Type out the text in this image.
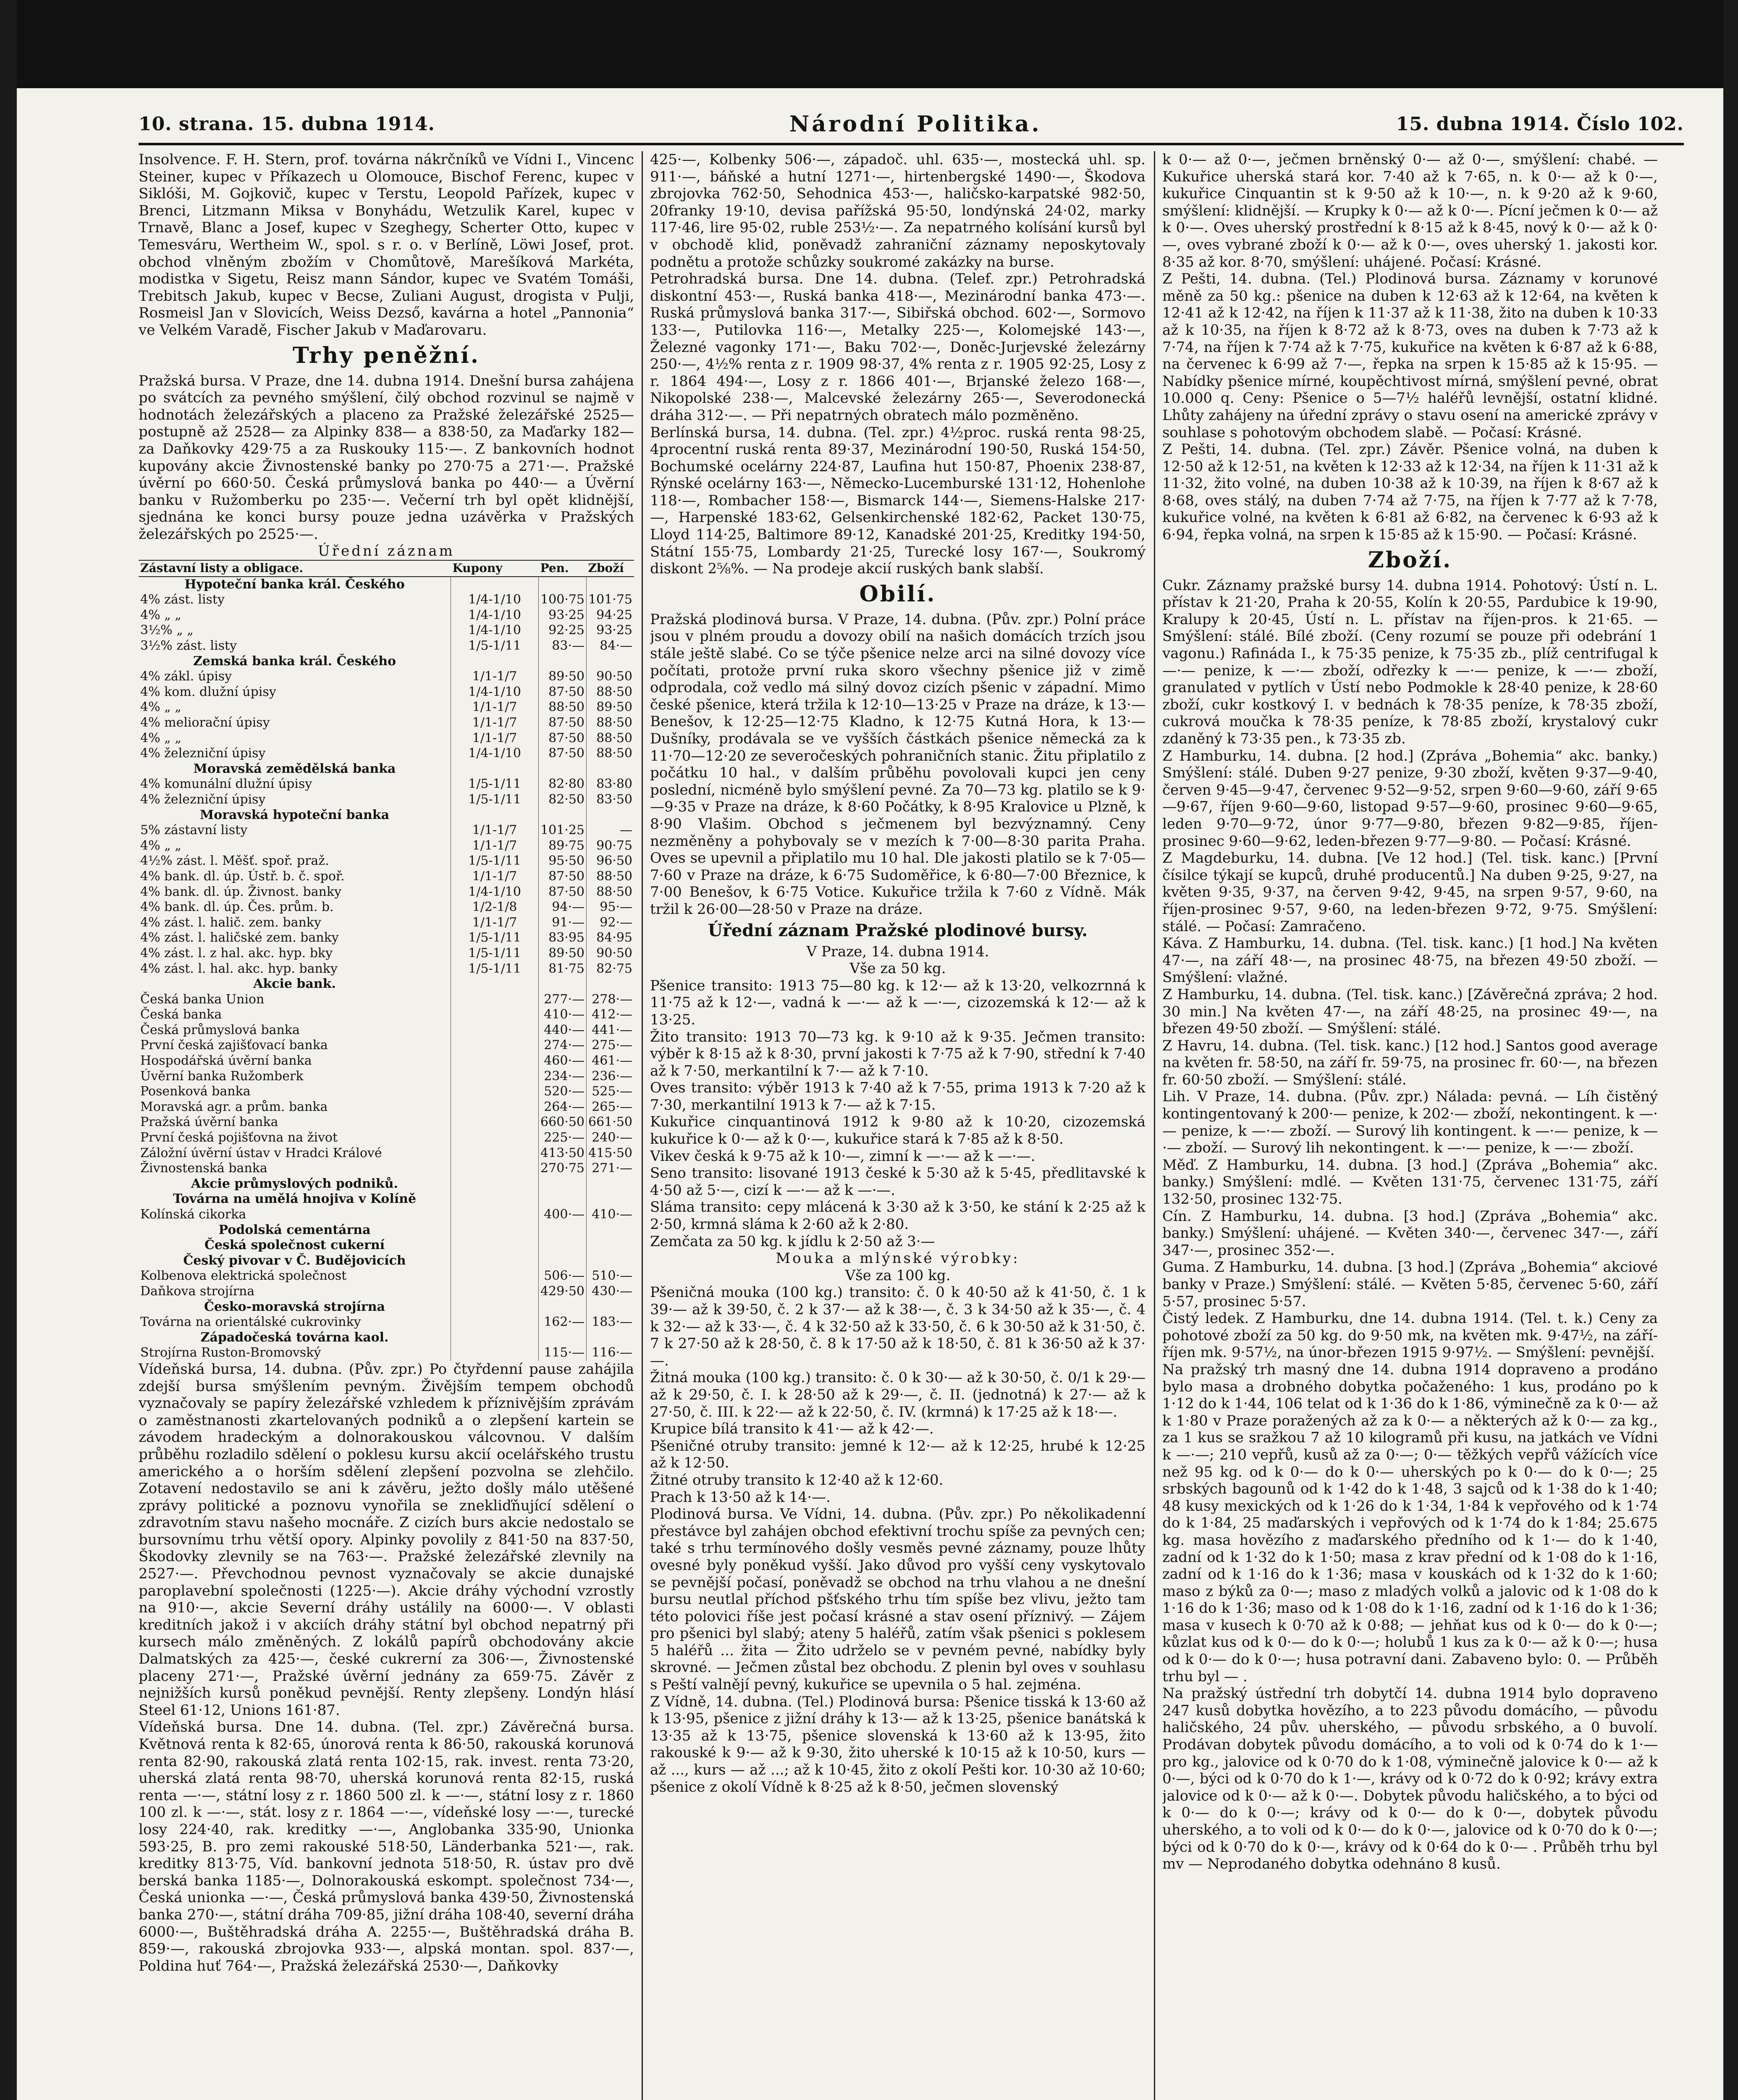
10. strana. 15. dubna 1914.	Národní Politika.	15. dubna 1914. Číslo 102.

Insolvence. F. H. Stern, prof. továrna nákrčníků ve Vídni I., Vincenc Steiner, kupec v Příkazech u Olomouce, Bischof Ferenc, kupec v Siklóši, M. Gojkovič, kupec v Terstu, Leopold Pařízek, kupec v Brenci, Litzmann Miksa v Bonyhádu, Wetzulik Karel, kupec v Trnavě, Blanc a Josef, kupec v Szeghegy, Scherter Otto, kupec v Temesváru, Wertheim W., spol. s r. o. v Berlíně, Löwi Josef, prot. obchod vlněným zbožím v Chomůtově, Marešíková Markéta, modistka v Sigetu, Reisz mann Sándor, kupec ve Svatém Tomáši, Trebitsch Jakub, kupec v Becse, Zuliani August, drogista v Pulji, Rosmeisl Jan v Slovicích, Weiss Dezső, kavárna a hotel „Pannonia“ ve Velkém Varadě, Fischer Jakub v Maďarovaru.

Trhy peněžní.

Pražská bursa. V Praze, dne 14. dubna 1914. Dnešní bursa zahájena po svátcích za pevného smýšlení, čilý obchod rozvinul se najmě v hodnotách železářských a placeno za Pražské železářské 2525— postupně až 2528— za Alpinky 838— a 838·50, za Maďarky 182— za Daňkovky 429·75 a za Ruskouky 115·—. Z bankovních hodnot kupovány akcie Živnostenské banky po 270·75 a 271·—. Pražské úvěrní po 660·50. Česká průmyslová banka po 440·— a Úvěrní banku v Ružomberku po 235·—. Večerní trh byl opět klidnější, sjednána ke konci bursy pouze jedna uzávěrka v Pražských železářských po 2525·—.

Úřední záznam
Zástavní listy a obligace.	Kupony	Pen.	Zboží
Hypoteční banka král. Českého			
4% zást. listy	1/4-1/10	100·75	101·75
4% „ „	1/4-1/10	93·25	94·25
3½% „ „	1/4-1/10	92·25	93·25
3½% zást. listy	1/5-1/11	83·—	84·—
Zemská banka král. Českého			
4% zákl. úpisy	1/1-1/7	89·50	90·50
4% kom. dlužní úpisy	1/4-1/10	87·50	88·50
4% „ „	1/1-1/7	88·50	89·50
4% meliorační úpisy	1/1-1/7	87·50	88·50
4% „ „	1/1-1/7	87·50	88·50
4% železniční úpisy	1/4-1/10	87·50	88·50
Moravská zemědělská banka			
4% komunální dlužní úpisy	1/5-1/11	82·80	83·80
4% železniční úpisy	1/5-1/11	82·50	83·50
Moravská hypoteční banka			
5% zástavní listy	1/1-1/7	101·25	—
4% „ „	1/1-1/7	89·75	90·75
4½% zást. l. Měšť. spoř. praž.	1/5-1/11	95·50	96·50
4% bank. dl. úp. Ústř. b. č. spoř.	1/1-1/7	87·50	88·50
4% bank. dl. úp. Živnost. banky	1/4-1/10	87·50	88·50
4% bank. dl. úp. Čes. prům. b.	1/2-1/8	94·—	95·—
4% zást. l. halič. zem. banky	1/1-1/7	91·—	92·—
4% zást. l. haličské zem. banky	1/5-1/11	83·95	84·95
4% zást. l. z hal. akc. hyp. bky	1/5-1/11	89·50	90·50
4% zást. l. hal. akc. hyp. banky	1/5-1/11	81·75	82·75
Akcie bank.			
Česká banka Union		277·—	278·—
Česká banka		410·—	412·—
Česká průmyslová banka		440·—	441·—
První česká zajišťovací banka		274·—	275·—
Hospodářská úvěrní banka		460·—	461·—
Úvěrní banka Ružomberk		234·—	236·—
Posenková banka		520·—	525·—
Moravská agr. a prům. banka		264·—	265·—
Pražská úvěrní banka		660·50	661·50
První česká pojišťovna na život		225·—	240·—
Záložní úvěrní ústav v Hradci Králové		413·50	415·50
Živnostenská banka		270·75	271·—
Akcie průmyslových podniků.			
Továrna na umělá hnojiva v Kolíně			
Kolínská cikorka		400·—	410·—
Podolská cementárna			
Česká společnost cukerní			
Český pivovar v Č. Budějovicích			
Kolbenova elektrická společnost		506·—	510·—
Daňkova strojírna		429·50	430·—
Česko-moravská strojírna			
Továrna na orientálské cukrovinky		162·—	183·—
Západočeská továrna kaol.			
Strojírna Ruston-Bromovský		115·—	116·—

Vídeňská bursa, 14. dubna. (Pův. zpr.) Po čtyřdenní pause zahájila zdejší bursa smýšlením pevným. Živějším tempem obchodů vyznačovaly se papíry železářské vzhledem k příznivějším zprávám o zaměstnanosti zkartelovaných podniků a o zlepšení kartein se závodem hradeckým a dolnorakouskou válcovnou. V dalším průběhu rozladilo sdělení o poklesu kursu akcií ocelářského trustu amerického a o horším sdělení zlepšení pozvolna se zlehčilo. Zotavení nedostavilo se ani k závěru, ježto došly málo utěšené zprávy politické a poznovu vynořila se znekliďňující sdělení o zdravotním stavu našeho mocnáře. Z cizích burs akcie nedostalo se bursovnímu trhu větší opory. Alpinky povolily z 841·50 na 837·50, Škodovky zlevnily se na 763·—. Pražské železářské zlevnily na 2527·—. Převchodnou pevnost vyznačovaly se akcie dunajské paroplavební společnosti (1225·—). Akcie dráhy východní vzrostly na 910·—, akcie Severní dráhy ustálily na 6000·—. V oblasti kreditních jakož i v akciích dráhy státní byl obchod nepatrný při kursech málo změněných. Z lokálů papírů obchodovány akcie Dalmatských za 425·—, české cukrerní za 306·—, Živnostenské placeny 271·—, Pražské úvěrní jednány za 659·75. Závěr z nejnižších kursů poněkud pevnější. Renty zlepšeny. Londýn hlásí Steel 61·12, Unions 161·87.

Vídeňská bursa. Dne 14. dubna. (Tel. zpr.) Závěrečná bursa. Květnová renta k 82·65, únorová renta k 86·50, rakouská korunová renta 82·90, rakouská zlatá renta 102·15, rak. invest. renta 73·20, uherská zlatá renta 98·70, uherská korunová renta 82·15, ruská renta —·—, státní losy z r. 1860 500 zl. k —·—, státní losy z r. 1860 100 zl. k —·—, stát. losy z r. 1864 —·—, vídeňské losy —·—, turecké losy 224·40, rak. kreditky —·—, Anglobanka 335·90, Unionka 593·25, B. pro zemi rakouské 518·50, Länderbanka 521·—, rak. kreditky 813·75, Víd. bankovní jednota 518·50, R. ústav pro dvě berská banka 1185·—, Dolnorakouská eskompt. společnost 734·—, Česká unionka —·—, Česká průmyslová banka 439·50, Živnostenská banka 270·—, státní dráha 709·85, jižní dráha 108·40, severní dráha 6000·—, Buštěhradská dráha A. 2255·—, Buštěhradská dráha B. 859·—, rakouská zbrojovka 933·—, alpská montan. spol. 837·—, Poldina huť 764·—, Pražská železářská 2530·—, Daňkovky

425·—, Kolbenky 506·—, západoč. uhl. 635·—, mostecká uhl. sp. 911·—, báňské a hutní 1271·—, hirtenbergské 1490·—, Škodova zbrojovka 762·50, Sehodnica 453·—, haličsko-karpatské 982·50, 20franky 19·10, devisa pařížská 95·50, londýnská 24·02, marky 117·46, lire 95·02, ruble 253½·—. Za nepatrného kolísání kursů byl v obchodě klid, poněvadž zahraniční záznamy neposkytovaly podnětu a protože schůzky soukromé zakázky na burse.

Petrohradská bursa. Dne 14. dubna. (Telef. zpr.) Petrohradská diskontní 453·—, Ruská banka 418·—, Mezinárodní banka 473·—. Ruská průmyslová banka 317·—, Sibiřská obchod. 602·—, Sormovo 133·—, Putilovka 116·—, Metalky 225·—, Kolomejské 143·—, Železné vagonky 171·—, Baku 702·—, Doněc-Jurjevské železárny 250·—, 4½% renta z r. 1909 98·37, 4% renta z r. 1905 92·25, Losy z r. 1864 494·—, Losy z r. 1866 401·—, Brjanské železo 168·—, Nikopolské 238·—, Malcevské železárny 265·—, Severodonecká dráha 312·—. — Při nepatrných obratech málo pozměněno.

Berlínská bursa, 14. dubna. (Tel. zpr.) 4½proc. ruská renta 98·25, 4procentní ruská renta 89·37, Mezinárodní 190·50, Ruská 154·50, Bochumské ocelárny 224·87, Laufina hut 150·87, Phoenix 238·87, Rýnské ocelárny 163·—, Německo-Lucemburské 131·12, Hohenlohe 118·—, Rombacher 158·—, Bismarck 144·—, Siemens-Halske 217·—, Harpenské 183·62, Gelsenkirchenské 182·62, Packet 130·75, Lloyd 114·25, Baltimore 89·12, Kanadské 201·25, Kreditky 194·50, Státní 155·75, Lombardy 21·25, Turecké losy 167·—, Soukromý diskont 2⅝%. — Na prodeje akcií ruských bank slabší.

Obilí.

Pražská plodinová bursa. V Praze, 14. dubna. (Pův. zpr.) Polní práce jsou v plném proudu a dovozy obilí na našich domácích trzích jsou stále ještě slabé. Co se týče pšenice nelze arci na silné dovozy více počítati, protože první ruka skoro všechny pšenice již v zimě odprodala, což vedlo má silný dovoz cizích pšenic v západní. Mimo české pšenice, která tržila k 12·10—13·25 v Praze na dráze, k 13·— Benešov, k 12·25—12·75 Kladno, k 12·75 Kutná Hora, k 13·— Dušníky, prodávala se ve vyšších částkách pšenice německá za k 11·70—12·20 ze severočeských pohraničních stanic. Žitu připlatilo z počátku 10 hal., v dalším průběhu povolovali kupci jen ceny poslední, nicméně bylo smýšlení pevné. Za 70—73 kg. platilo se k 9·—9·35 v Praze na dráze, k 8·60 Počátky, k 8·95 Kralovice u Plzně, k 8·90 Vlašim. Obchod s ječmenem byl bezvýznamný. Ceny nezměněny a pohybovaly se v mezích k 7·00—8·30 parita Praha. Oves se upevnil a připlatilo mu 10 hal. Dle jakosti platilo se k 7·05—7·60 v Praze na dráze, k 6·75 Sudoměřice, k 6·80—7·00 Březnice, k 7·00 Benešov, k 6·75 Votice. Kukuřice tržila k 7·60 z Vídně. Mák tržil k 26·00—28·50 v Praze na dráze.

Úřední záznam Pražské plodinové bursy.
V Praze, 14. dubna 1914.
Vše za 50 kg.

Pšenice transito: 1913 75—80 kg. k 12·— až k 13·20, velkozrnná k 11·75 až k 12·—, vadná k —·— až k —·—, cizozemská k 12·— až k 13·25.

Žito transito: 1913 70—73 kg. k 9·10 až k 9·35. Ječmen transito: výběr k 8·15 až k 8·30, první jakosti k 7·75 až k 7·90, střední k 7·40 až k 7·50, merkantilní k 7·— až k 7·10.

Oves transito: výběr 1913 k 7·40 až k 7·55, prima 1913 k 7·20 až k 7·30, merkantilní 1913 k 7·— až k 7·15.

Kukuřice cinquantinová 1912 k 9·80 až k 10·20, cizozemská kukuřice k 0·— až k 0·—, kukuřice stará k 7·85 až k 8·50.

Vikev česká k 9·75 až k 10·—, zimní k —·— až k —·—.

Seno transito: lisované 1913 české k 5·30 až k 5·45, předlitavské k 4·50 až 5·—, cizí k —·— až k —·—.

Sláma transito: cepy mlácená k 3·30 až k 3·50, ke stání k 2·25 až k 2·50, krmná sláma k 2·60 až k 2·80.

Zemčata za 50 kg. k jídlu k 2·50 až 3·—

Mouka a mlýnské výrobky:
Vše za 100 kg.

Pšeničná mouka (100 kg.) transito: č. 0 k 40·50 až k 41·50, č. 1 k 39·— až k 39·50, č. 2 k 37·— až k 38·—, č. 3 k 34·50 až k 35·—, č. 4 k 32·— až k 33·—, č. 4 k 32·50 až k 33·50, č. 6 k 30·50 až k 31·50, č. 7 k 27·50 až k 28·50, č. 8 k 17·50 až k 18·50, č. 81 k 36·50 až k 37·—.

Žitná mouka (100 kg.) transito: č. 0 k 30·— až k 30·50, č. 0/1 k 29·— až k 29·50, č. I. k 28·50 až k 29·—, č. II. (jednotná) k 27·— až k 27·50, č. III. k 22·— až k 22·50, č. IV. (krmná) k 17·25 až k 18·—.

Krupice bílá transito k 41·— až k 42·—.

Pšeničné otruby transito: jemné k 12·— až k 12·25, hrubé k 12·25 až k 12·50.

Žitné otruby transito k 12·40 až k 12·60.

Prach k 13·50 až k 14·—.

Plodinová bursa. Ve Vídni, 14. dubna. (Pův. zpr.) Po několikadenní přestávce byl zahájen obchod efektivní trochu spíše za pevných cen; také s trhu termínového došly vesměs pevné záznamy, pouze lhůty ovesné byly poněkud vyšší. Jako důvod pro vyšší ceny vyskytovalo se pevnější počasí, poněvadž se obchod na trhu vlahou a ne dnešní bursu neutlal příchod pšťského trhu tím spíše bez vlivu, ježto tam této polovici říše jest počasí krásné a stav osení příznivý. — Zájem pro pšenici byl slabý; ateny 5 haléřů, zatím však pšenici s poklesem 5 haléřů ... žita — Žito udrželo se v pevném pevné, nabídky byly skrovné. — Ječmen zůstal bez obchodu. Z plenin byl oves v souhlasu s Peští valnějí pevný, kukuřice se upevnila o 5 hal. zejména.

Z Vídně, 14. dubna. (Tel.) Plodinová bursa: Pšenice tisská k 13·60 až k 13·95, pšenice z jižní dráhy k 13·— až k 13·25, pšenice banátská k 13·35 až k 13·75, pšenice slovenská k 13·60 až k 13·95, žito rakouské k 9·— až k 9·30, žito uherské k 10·15 až k 10·50, kurs — až ..., kurs — až ...; až k 10·45, žito z okolí Pešti kor. 10·30 až 10·60; pšenice z okolí Vídně k 8·25 až k 8·50, ječmen slovenský

k 0·— až 0·—, ječmen brněnský 0·— až 0·—, smýšlení: chabé. — Kukuřice uherská stará kor. 7·40 až k 7·65, n. k 0·— až k 0·—, kukuřice Cinquantin st k 9·50 až k 10·—, n. k 9·20 až k 9·60, smýšlení: klidnější. — Krupky k 0·— až k 0·—. Pícní ječmen k 0·— až k 0·—. Oves uherský prostřední k 8·15 až k 8·45, nový k 0·— až k 0·—, oves vybrané zboží k 0·— až k 0·—, oves uherský 1. jakosti kor. 8·35 až kor. 8·70, smýšlení: uhájené. Počasí: Krásné.

Z Pešti, 14. dubna. (Tel.) Plodinová bursa. Záznamy v korunové měně za 50 kg.: pšenice na duben k 12·63 až k 12·64, na květen k 12·41 až k 12·42, na říjen k 11·37 až k 11·38, žito na duben k 10·33 až k 10·35, na říjen k 8·72 až k 8·73, oves na duben k 7·73 až k 7·74, na říjen k 7·74 až k 7·75, kukuřice na květen k 6·87 až k 6·88, na červenec k 6·99 až 7·—, řepka na srpen k 15·85 až k 15·95. — Nabídky pšenice mírné, koupěchtivost mírná, smýšlení pevné, obrat 10.000 q. Ceny: Pšenice o 5—7½ haléřů levnější, ostatní klidné. Lhůty zahájeny na úřední zprávy o stavu osení na americké zprávy v souhlase s pohotovým obchodem slabě. — Počasí: Krásné.

Z Pešti, 14. dubna. (Tel. zpr.) Závěr. Pšenice volná, na duben k 12·50 až k 12·51, na květen k 12·33 až k 12·34, na říjen k 11·31 až k 11·32, žito volné, na duben 10·38 až k 10·39, na říjen k 8·67 až k 8·68, oves stálý, na duben 7·74 až 7·75, na říjen k 7·77 až k 7·78, kukuřice volné, na květen k 6·81 až 6·82, na červenec k 6·93 až k 6·94, řepka volná, na srpen k 15·85 až k 15·90. — Počasí: Krásné.

Zboží.

Cukr. Záznamy pražské bursy 14. dubna 1914. Pohotový: Ústí n. L. přístav k 21·20, Praha k 20·55, Kolín k 20·55, Pardubice k 19·90, Kralupy k 20·45, Ústí n. L. přístav na říjen-pros. k 21·65. — Smýšlení: stálé. Bílé zboží. (Ceny rozumí se pouze při odebrání 1 vagonu.) Rafináda I., k 75·35 penize, k 75·35 zb., plíž centrifugal k —·— penize, k —·— zboží, odřezky k —·— penize, k —·— zboží, granulated v pytlích v Ústí nebo Podmokle k 28·40 penize, k 28·60 zboží, cukr kostkový I. v bednách k 78·35 peníze, k 78·35 zboží, cukrová moučka k 78·35 peníze, k 78·85 zboží, krystalový cukr zdaněný k 73·35 pen., k 73·35 zb.

Z Hamburku, 14. dubna. [2 hod.] (Zpráva „Bohemia“ akc. banky.) Smýšlení: stálé. Duben 9·27 penize, 9·30 zboží, květen 9·37—9·40, červen 9·45—9·47, červenec 9·52—9·52, srpen 9·60—9·60, září 9·65—9·67, říjen 9·60—9·60, listopad 9·57—9·60, prosinec 9·60—9·65, leden 9·70—9·72, únor 9·77—9·80, březen 9·82—9·85, říjen-prosinec 9·60—9·62, leden-březen 9·77—9·80. — Počasí: Krásné.

Z Magdeburku, 14. dubna. [Ve 12 hod.] (Tel. tisk. kanc.) [První čísilce týkají se kupců, druhé producentů.] Na duben 9·25, 9·27, na květen 9·35, 9·37, na červen 9·42, 9·45, na srpen 9·57, 9·60, na říjen-prosinec 9·57, 9·60, na leden-březen 9·72, 9·75. Smýšlení: stálé. — Počasí: Zamračeno.

Káva. Z Hamburku, 14. dubna. (Tel. tisk. kanc.) [1 hod.] Na květen 47·—, na září 48·—, na prosinec 48·75, na březen 49·50 zboží. — Smýšlení: vlažné.

Z Hamburku, 14. dubna. (Tel. tisk. kanc.) [Závěrečná zpráva; 2 hod. 30 min.] Na květen 47·—, na září 48·25, na prosinec 49·—, na březen 49·50 zboží. — Smýšlení: stálé.

Z Havru, 14. dubna. (Tel. tisk. kanc.) [12 hod.] Santos good average na květen fr. 58·50, na září fr. 59·75, na prosinec fr. 60·—, na březen fr. 60·50 zboží. — Smýšlení: stálé.

Lih. V Praze, 14. dubna. (Pův. zpr.) Nálada: pevná. — Líh čistěný kontingentovaný k 200·— penize, k 202·— zboží, nekontingent. k —·— penize, k —·— zboží. — Surový lih kontingent. k —·— penize, k —·— zboží. — Surový lih nekontingent. k —·— penize, k —·— zboží.

Měď. Z Hamburku, 14. dubna. [3 hod.] (Zpráva „Bohemia“ akc. banky.) Smýšlení: mdlé. — Květen 131·75, červenec 131·75, září 132·50, prosinec 132·75.

Cín. Z Hamburku, 14. dubna. [3 hod.] (Zpráva „Bohemia“ akc. banky.) Smýšlení: uhájené. — Květen 340·—, červenec 347·—, září 347·—, prosinec 352·—.

Guma. Z Hamburku, 14. dubna. [3 hod.] (Zpráva „Bohemia“ akciové banky v Praze.) Smýšlení: stálé. — Květen 5·85, červenec 5·60, září 5·57, prosinec 5·57.

Čistý ledek. Z Hamburku, dne 14. dubna 1914. (Tel. t. k.) Ceny za pohotové zboží za 50 kg. do 9·50 mk, na květen mk. 9·47½, na září-říjen mk. 9·57½, na únor-březen 1915 9·97½. — Smýšlení: pevnější.

Na pražský trh masný dne 14. dubna 1914 dopraveno a prodáno bylo masa a drobného dobytka počaženého: 1 kus, prodáno po k 1·12 do k 1·44, 106 telat od k 1·36 do k 1·86, výminečně za k 0·— až k 1·80 v Praze poražených až za k 0·— a některých až k 0·— za kg., za 1 kus se sražkou 7 až 10 kilogramů při kusu, na jatkách ve Vídni k —·—; 210 vepřů, kusů až za 0·—; 0·— těžkých vepřů vážících více než 95 kg. od k 0·— do k 0·— uherských po k 0·— do k 0·—; 25 srbských bagounů od k 1·42 do k 1·48, 3 sajců od k 1·38 do k 1·40; 48 kusy mexických od k 1·26 do k 1·34, 1·84 k vepřového od k 1·74 do k 1·84, 25 maďarských i vepřových od k 1·74 do k 1·84; 25.675 kg. masa hovězího z maďarského předního od k 1·— do k 1·40, zadní od k 1·32 do k 1·50; masa z krav přední od k 1·08 do k 1·16, zadní od k 1·16 do k 1·36; masa v kouskách od k 1·32 do k 1·60; maso z býků za 0·—; maso z mladých volků a jalovic od k 1·08 do k 1·16 do k 1·36; maso od k 1·08 do k 1·16, zadní od k 1·16 do k 1·36; masa v kusech k 0·70 až k 0·88; — jehňat kus od k 0·— do k 0·—; kůzlat kus od k 0·— do k 0·—; holubů 1 kus za k 0·— až k 0·—; husa od k 0·— do k 0·—; husa potravní dani. Zabaveno bylo: 0. — Průběh trhu byl — .

Na pražský ústřední trh dobytčí 14. dubna 1914 bylo dopraveno 247 kusů dobytka hovězího, a to 223 původu domácího, — původu haličského, 24 pův. uherského, — původu srbského, a 0 buvolí. Prodávan dobytek původu domácího, a to voli od k 0·74 do k 1·— pro kg., jalovice od k 0·70 do k 1·08, výminečně jalovice k 0·— až k 0·—, býci od k 0·70 do k 1·—, krávy od k 0·72 do k 0·92; krávy extra jalovice od k 0·— až k 0·—. Dobytek původu haličského, a to býci od k 0·— do k 0·—; krávy od k 0·— do k 0·—, dobytek původu uherského, a to voli od k 0·— do k 0·—, jalovice od k 0·70 do k 0·—; býci od k 0·70 do k 0·—, krávy od k 0·64 do k 0·— . Průběh trhu byl mv — Neprodaného dobytka odehnáno 8 kusů.
